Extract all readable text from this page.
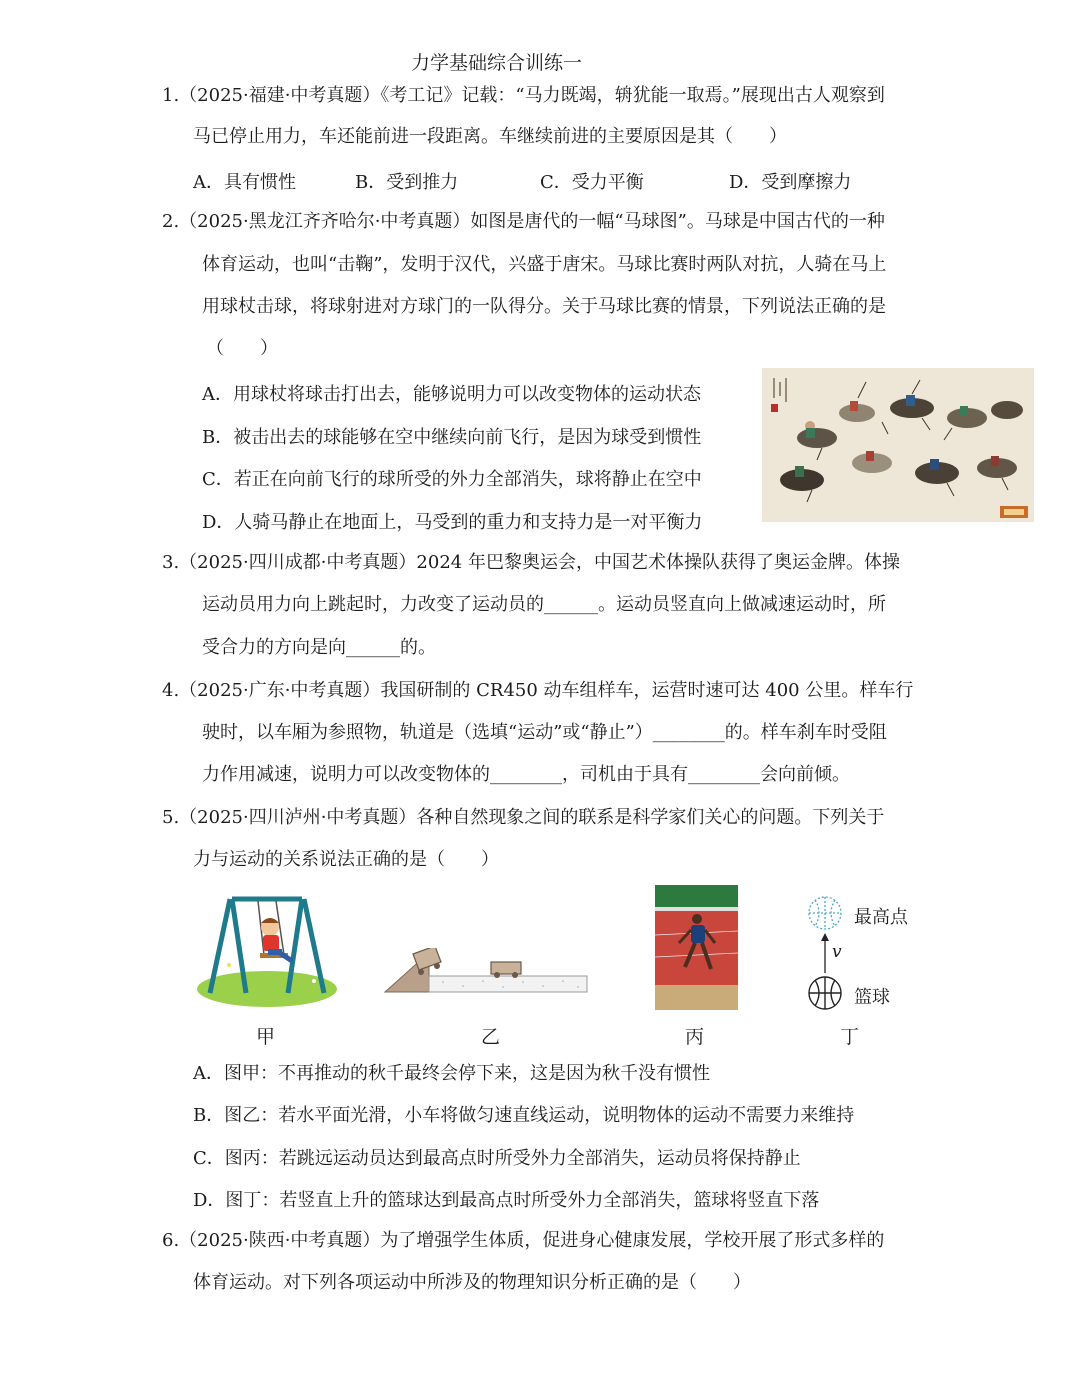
力学基础综合训练一
1.（2025·福建·中考真题）《考工记》记载：“马力既竭，辀犹能一取焉。”展现出古人观察到
马已停止用力，车还能前进一段距离。车继续前进的主要原因是其（　　）
A．具有惯性	B．受到推力	C．受力平衡	D．受到摩擦力
2.（2025·黑龙江齐齐哈尔·中考真题）如图是唐代的一幅“马球图”。马球是中国古代的一种
体育运动，也叫“击鞠”，发明于汉代，兴盛于唐宋。马球比赛时两队对抗，人骑在马上
用球杖击球，将球射进对方球门的一队得分。关于马球比赛的情景，下列说法正确的是
（　　）
A．用球杖将球击打出去，能够说明力可以改变物体的运动状态
B．被击出去的球能够在空中继续向前飞行，是因为球受到惯性
C．若正在向前飞行的球所受的外力全部消失，球将静止在空中
D．人骑马静止在地面上，马受到的重力和支持力是一对平衡力
3.（2025·四川成都·中考真题）2024 年巴黎奥运会，中国艺术体操队获得了奥运金牌。体操
运动员用力向上跳起时，力改变了运动员的______。运动员竖直向上做减速运动时，所
受合力的方向是向______的。
4.（2025·广东·中考真题）我国研制的 CR450 动车组样车，运营时速可达 400 公里。样车行
驶时，以车厢为参照物，轨道是（选填“运动”或“静止”）________的。样车刹车时受阻
力作用减速，说明力可以改变物体的________，司机由于具有________会向前倾。
5.（2025·四川泸州·中考真题）各种自然现象之间的联系是科学家们关心的问题。下列关于
力与运动的关系说法正确的是（　　）
最高点
v
篮球
甲	乙	丙	丁
A．图甲：不再推动的秋千最终会停下来，这是因为秋千没有惯性
B．图乙：若水平面光滑，小车将做匀速直线运动，说明物体的运动不需要力来维持
C．图丙：若跳远运动员达到最高点时所受外力全部消失，运动员将保持静止
D．图丁：若竖直上升的篮球达到最高点时所受外力全部消失，篮球将竖直下落
6.（2025·陕西·中考真题）为了增强学生体质，促进身心健康发展，学校开展了形式多样的
体育运动。对下列各项运动中所涉及的物理知识分析正确的是（　　）
